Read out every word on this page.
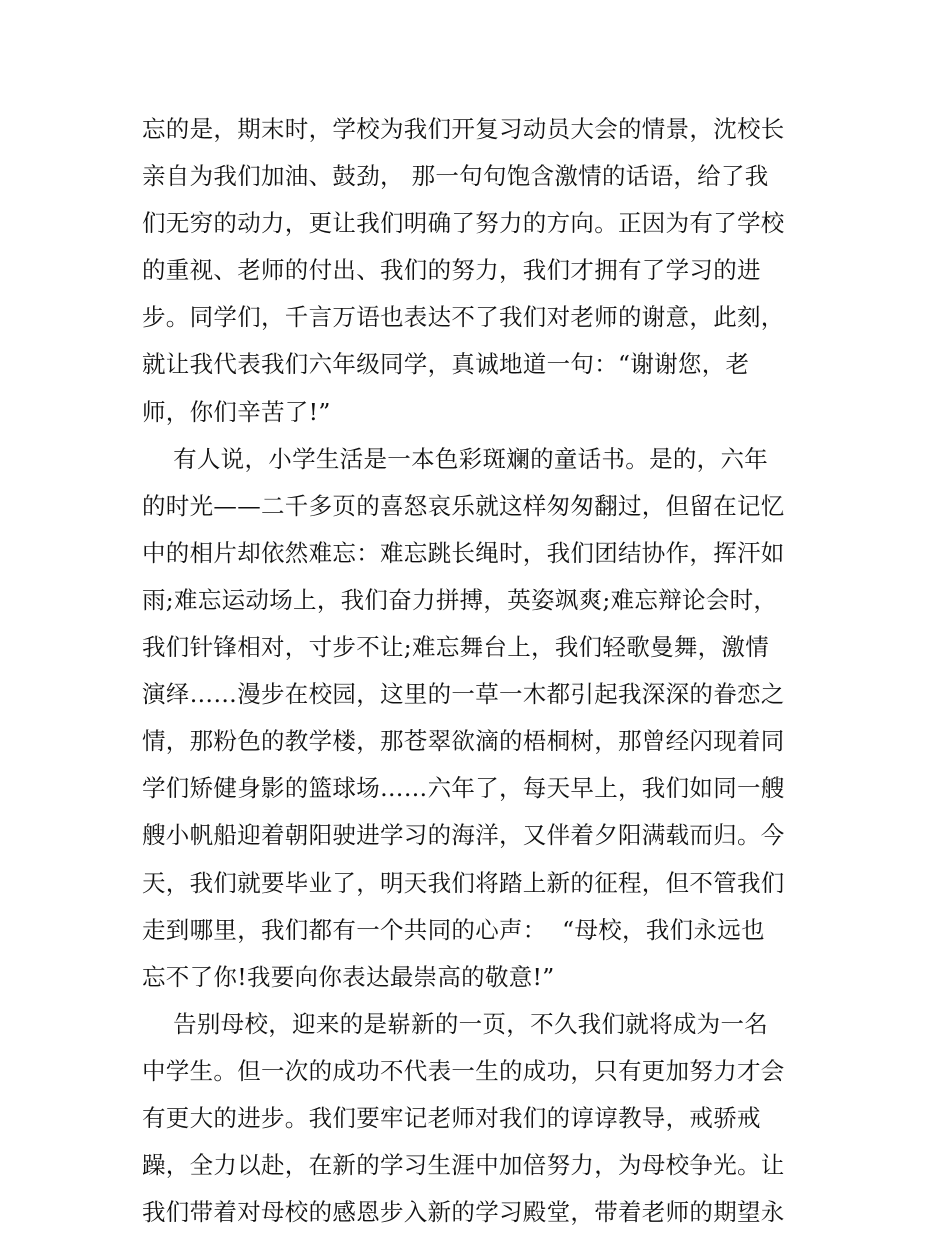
忘的是，期末时，学校为我们开复习动员大会的情景，沈校长
亲自为我们加油、鼓劲， 那一句句饱含激情的话语，给了我
们无穷的动力，更让我们明确了努力的方向。正因为有了学校
的重视、老师的付出、我们的努力，我们才拥有了学习的进
步。同学们，千言万语也表达不了我们对老师的谢意，此刻，
就让我代表我们六年级同学，真诚地道一句：“谢谢您，老
师，你们辛苦了!”
有人说，小学生活是一本色彩斑斓的童话书。是的，六年
的时光——二千多页的喜怒哀乐就这样匆匆翻过，但留在记忆
中的相片却依然难忘：难忘跳长绳时，我们团结协作，挥汗如
雨;难忘运动场上，我们奋力拼搏，英姿飒爽;难忘辩论会时，
我们针锋相对，寸步不让;难忘舞台上，我们轻歌曼舞，激情
演绎……漫步在校园，这里的一草一木都引起我深深的眷恋之
情，那粉色的教学楼，那苍翠欲滴的梧桐树，那曾经闪现着同
学们矫健身影的篮球场……六年了，每天早上，我们如同一艘
艘小帆船迎着朝阳驶进学习的海洋，又伴着夕阳满载而归。今
天，我们就要毕业了，明天我们将踏上新的征程，但不管我们
走到哪里，我们都有一个共同的心声：  “母校，我们永远也
忘不了你!我要向你表达最崇高的敬意!”
告别母校，迎来的是崭新的一页，不久我们就将成为一名
中学生。但一次的成功不代表一生的成功，只有更加努力才会
有更大的进步。我们要牢记老师对我们的谆谆教导，戒骄戒
躁，全力以赴，在新的学习生涯中加倍努力，为母校争光。让
我们带着对母校的感恩步入新的学习殿堂，带着老师的期望永
